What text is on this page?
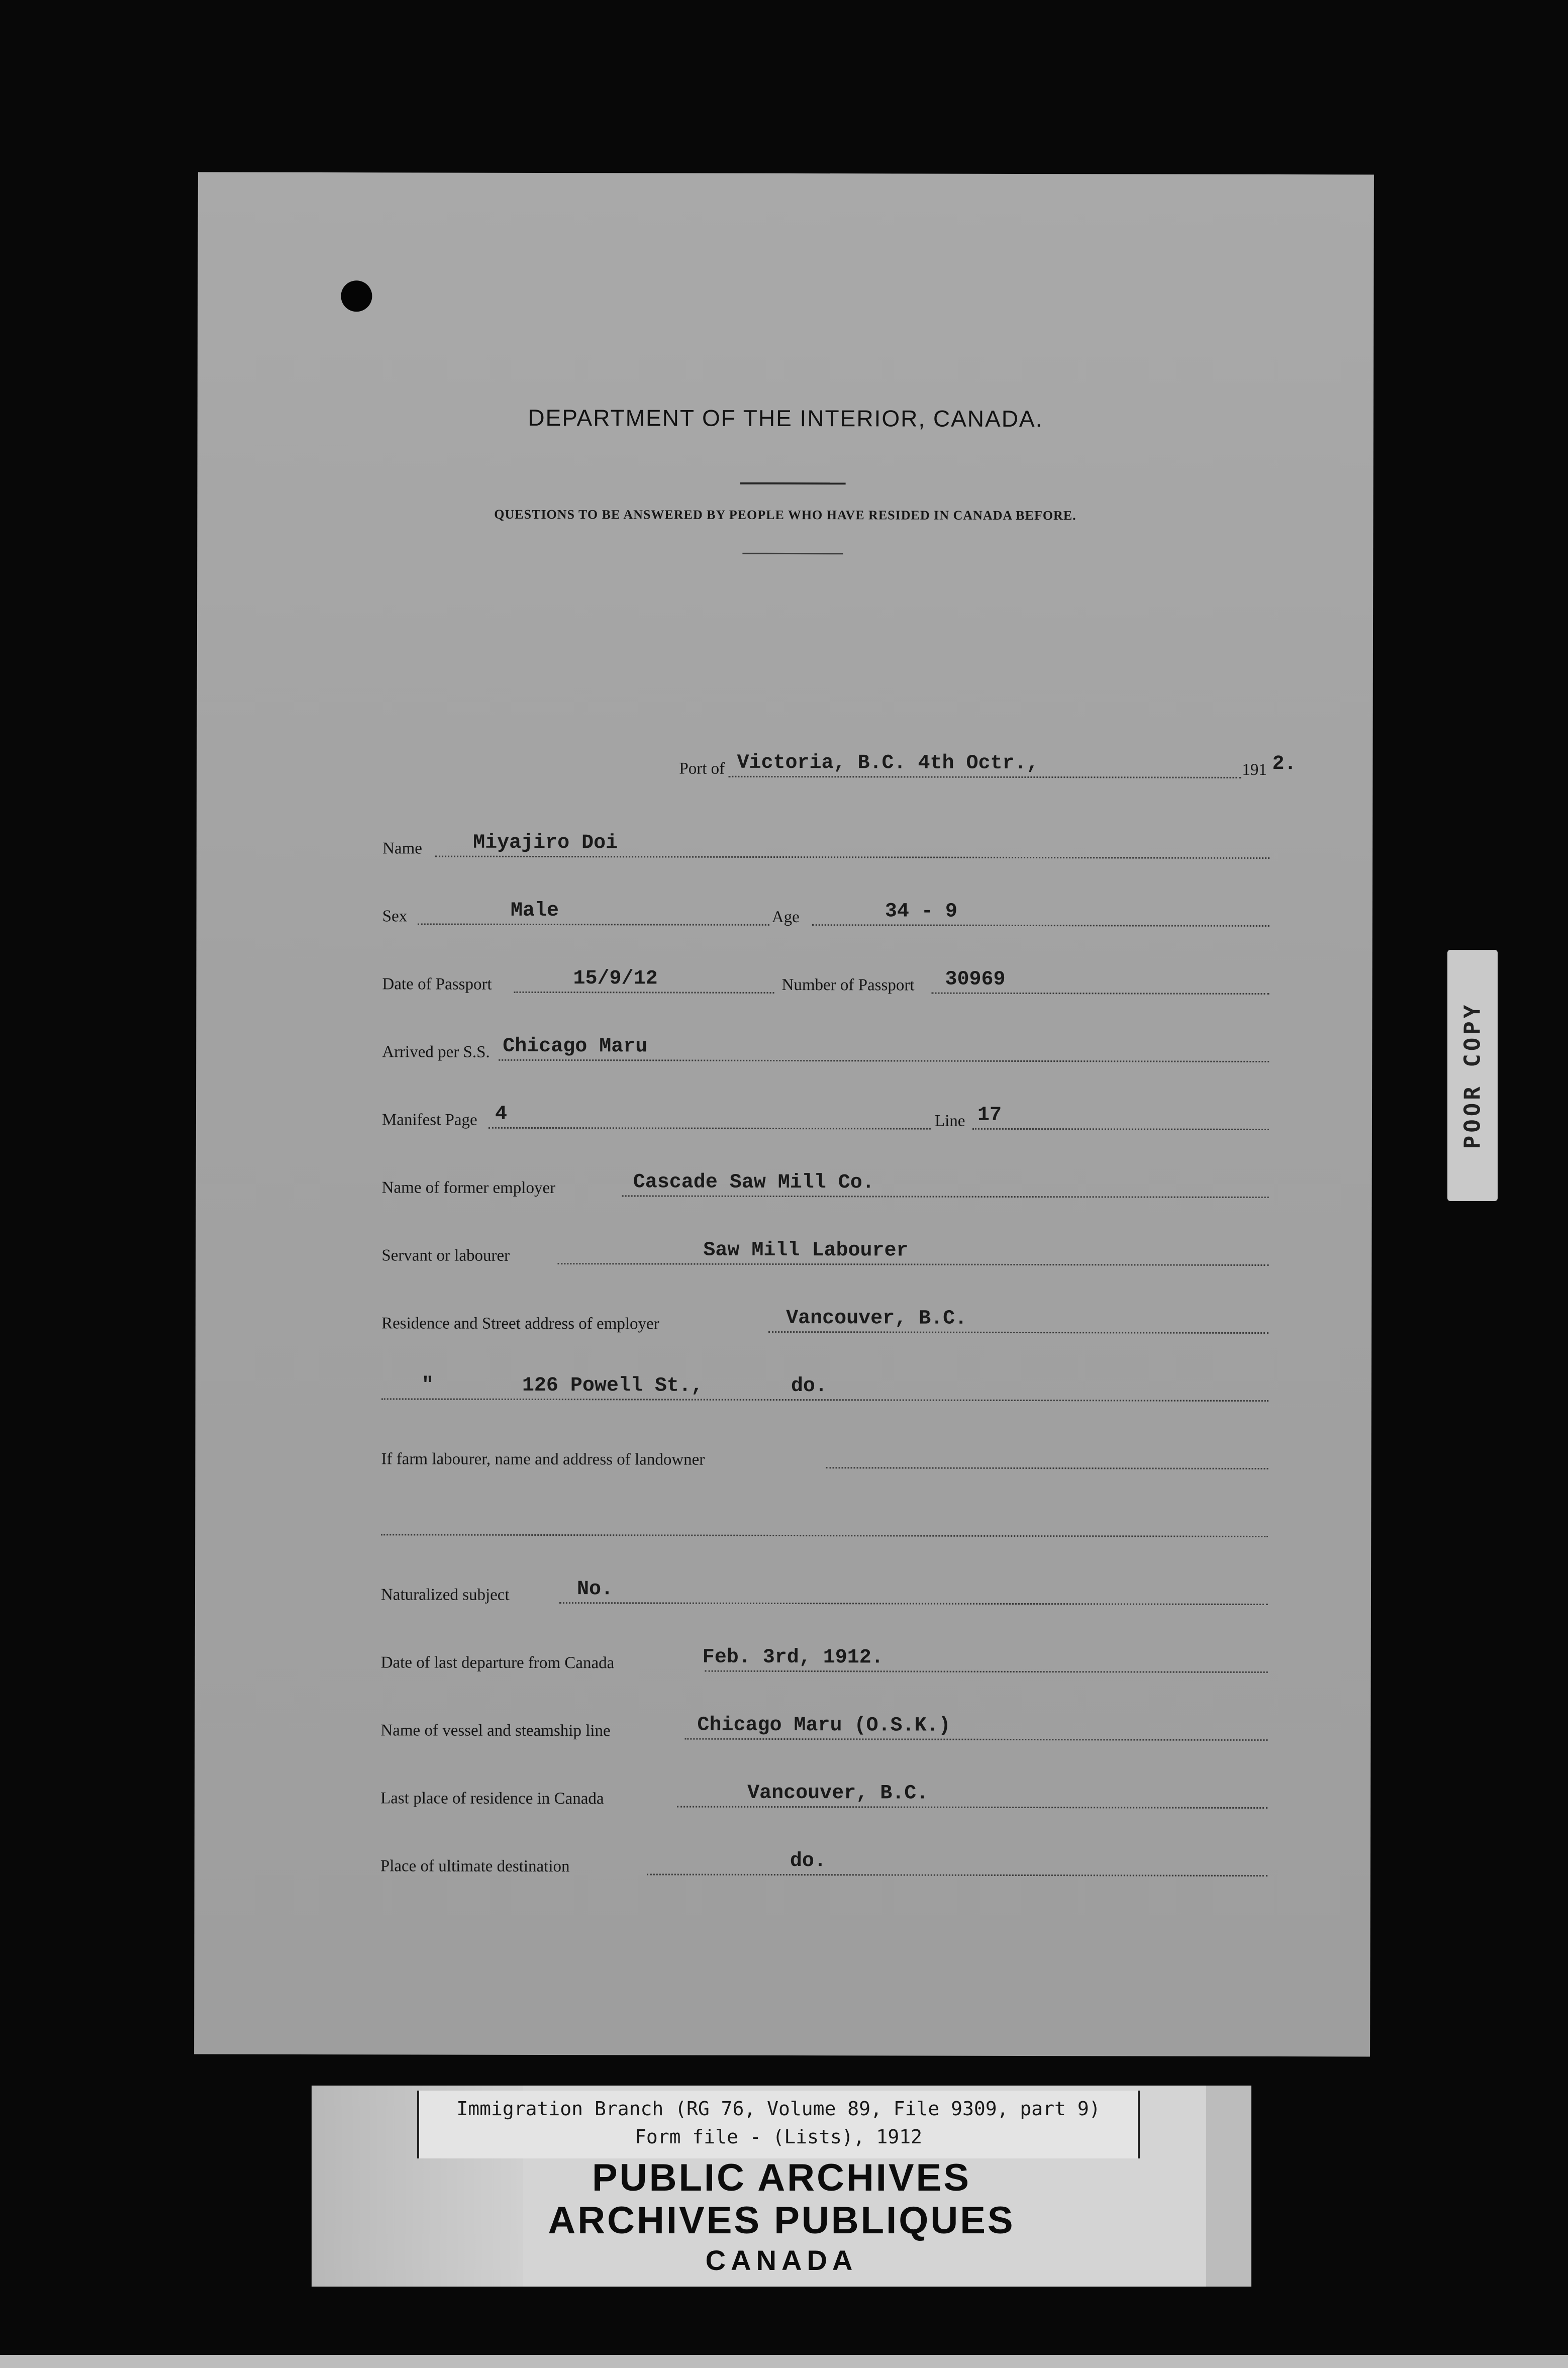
DEPARTMENT OF THE INTERIOR, CANADA.
QUESTIONS TO BE ANSWERED BY PEOPLE WHO HAVE RESIDED IN CANADA BEFORE.
Port of Victoria, B.C. 4th Octr.,	191 2.
Name	Miyajiro Doi
Sex	Male	Age	34 - 9
Date of Passport	15/9/12	Number of Passport 30969
Arrived per S.S. Chicago Maru
Manifest Page 4	Line 17
Name of former employer	Cascade Saw Mill Co.
Servant or labourer	Saw Mill Labourer
Residence and Street address of employer	Vancouver, B.C.
"	126 Powell St.,	do.
If farm labourer, name and address of landowner
Naturalized subject	No.
Date of last departure from Canada	Feb. 3rd, 1912.
Name of vessel and steamship line	Chicago Maru (O.S.K.)
Last place of residence in Canada	Vancouver, B.C.
Place of ultimate destination	do.
POOR COPY
Immigration Branch (RG 76, Volume 89, File 9309, part 9)
Form file - (Lists), 1912
PUBLIC ARCHIVES
ARCHIVES PUBLIQUES
CANADA
